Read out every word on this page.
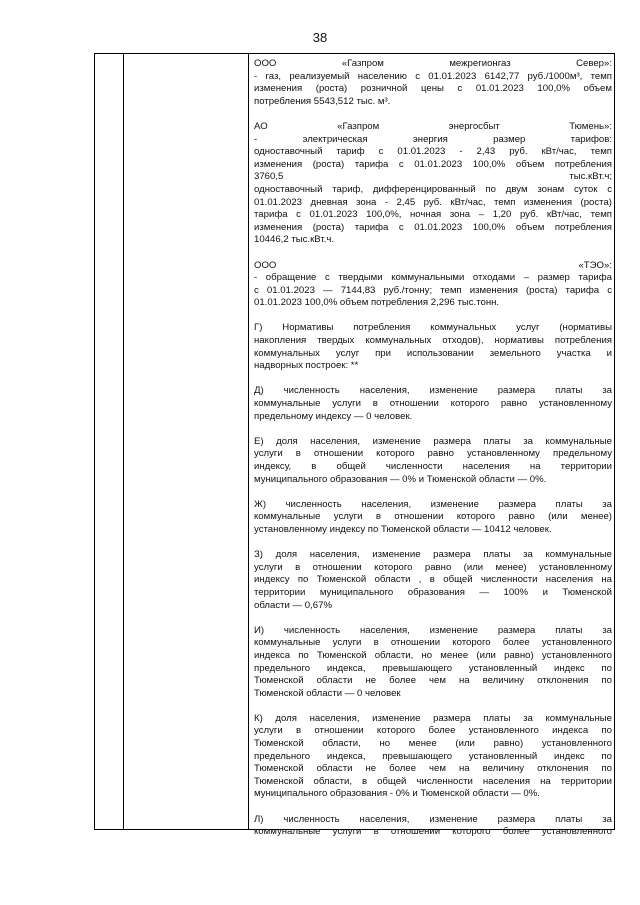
38
ООО «Газпром межрегионгаз Север»:
- газ, реализуемый населению с 01.01.2023 6142,77 руб./1000м³, темп
изменения (роста) розничной цены с 01.01.2023 100,0% объем
потребления 5543,512 тыс. м³.
АО «Газпром энергосбыт Тюмень»:
- электрическая энергия размер тарифов:
одноставочный тариф с 01.01.2023 - 2,43 руб. кВт/час, темп
изменения (роста) тарифа с 01.01.2023 100,0% объем потребления
3760,5 тыс.кВт.ч;
одноставочный тариф, дифференцированный по двум зонам суток с
01.01.2023 дневная зона - 2,45 руб. кВт/час, темп изменения (роста)
тарифа с 01.01.2023 100,0%, ночная зона – 1,20 руб. кВт/час, темп
изменения (роста) тарифа с 01.01.2023 100,0% объем потребления
10446,2 тыс.кВт.ч.
ООО «ТЭО»:
- обращение с твердыми коммунальными отходами – размер тарифа
с 01.01.2023 — 7144,83 руб./тонну; темп изменения (роста) тарифа с
01.01.2023 100,0% объем потребления 2,296 тыс.тонн.
Г) Нормативы потребления коммунальных услуг (нормативы
накопления твердых коммунальных отходов), нормативы потребления
коммунальных услуг при использовании земельного участка и
надворных построек: **
Д) численность населения, изменение размера платы за
коммунальные услуги в отношении которого равно установленному
предельному индексу — 0 человек.
Е) доля населения, изменение размера платы за коммунальные
услуги в отношении которого равно установленному предельному
индексу, в общей численности населения на территории
муниципального образования — 0% и Тюменской области — 0%.
Ж) численность населения, изменение размера платы за
коммунальные услуги в отношении которого равно (или менее)
установленному индексу по Тюменской области — 10412 человек.
З) доля населения, изменение размера платы за коммунальные
услуги в отношении которого равно (или менее) установленному
индексу по Тюменской области , в общей численности населения на
территории муниципального образования — 100% и Тюменской
области — 0,67%
И) численность населения, изменение размера платы за
коммунальные услуги в отношении которого более установленного
индекса по Тюменской области, но менее (или равно) установленного
предельного индекса, превышающего установленный индекс по
Тюменской области не более чем на величину отклонения по
Тюменской области — 0 человек
К) доля населения, изменение размера платы за коммунальные
услуги в отношении которого более установленного индекса по
Тюменской области, но менее (или равно) установленного
предельного индекса, превышающего установленный индекс по
Тюменской области не более чем на величину отклонения по
Тюменской области, в общей численности населения на территории
муниципального образования - 0% и Тюменской области — 0%.
Л) численность населения, изменение размера платы за
коммунальные услуги в отношении которого более установленного
